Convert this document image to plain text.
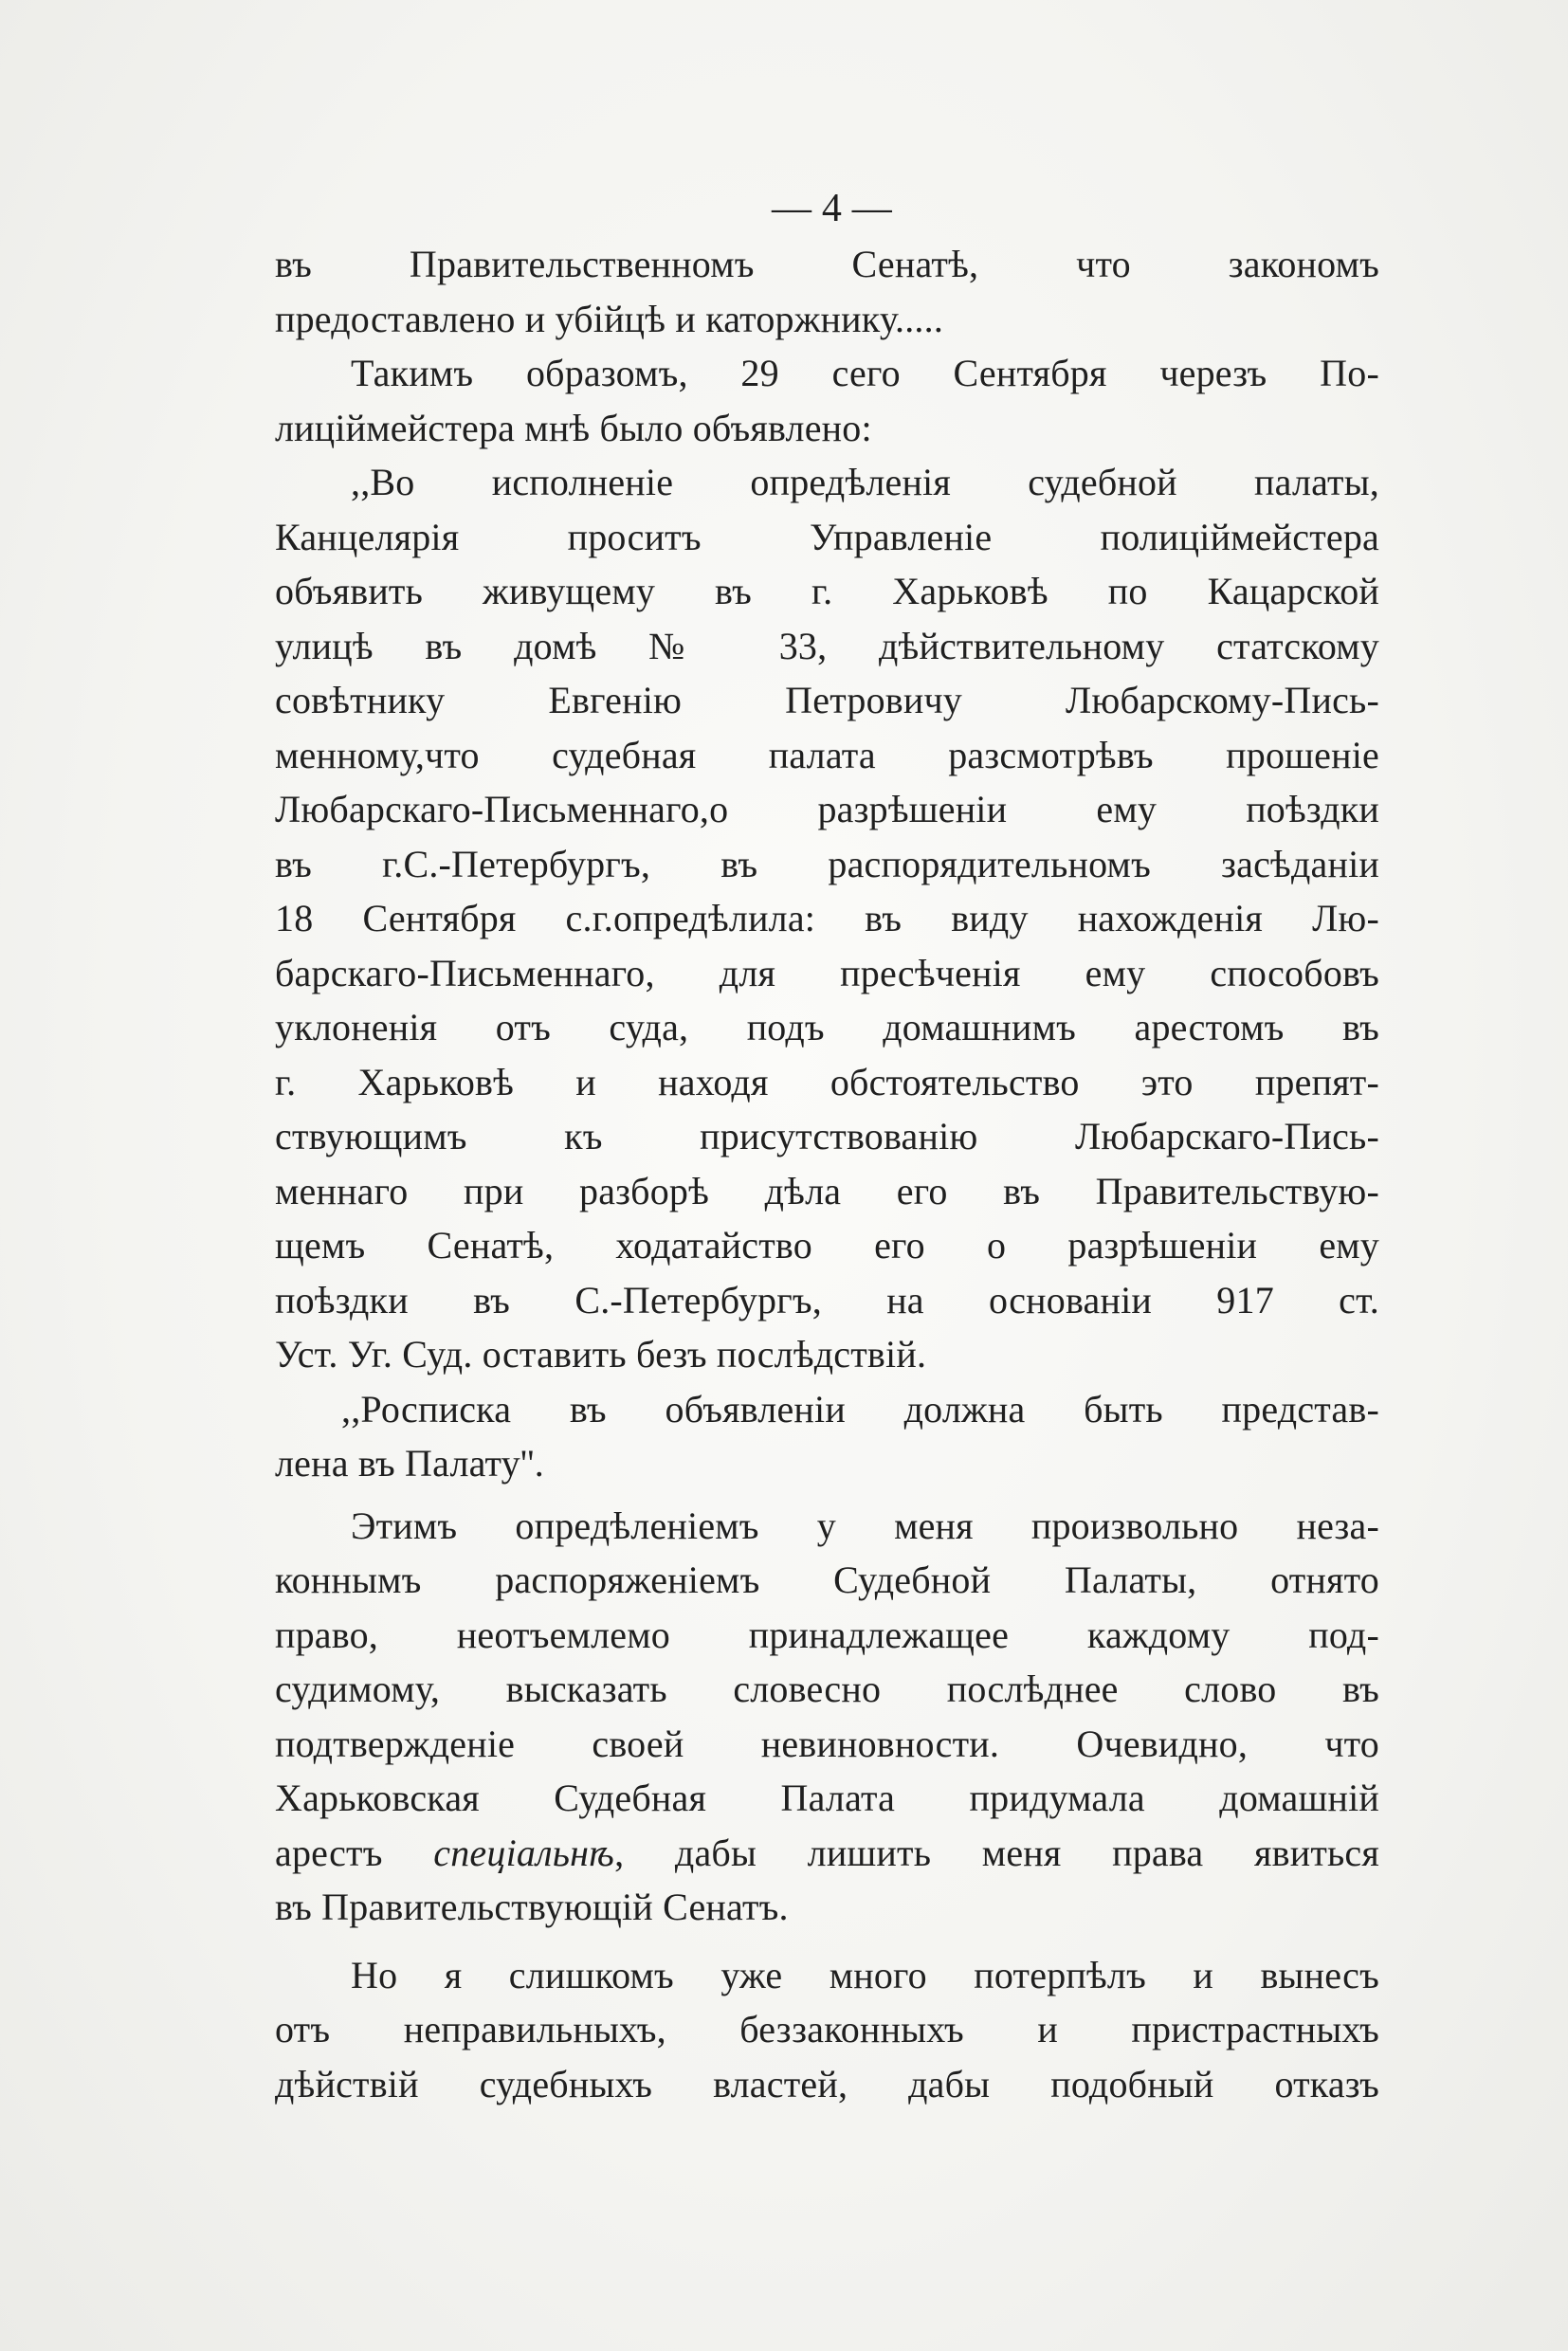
— 4 —
въ Правительственномъ Сенатѣ, что закономъ
предоставлено и убійцѣ и каторжнику.....
Такимъ образомъ, 29 сего Сентября черезъ По-
лиціймейстера мнѣ было объявлено:
,,Во исполненіе опредѣленія судебной палаты,
Канцелярія проситъ Управленіе полиціймейстера
объявить живущему въ г. Харьковѣ по Кацарской
улицѣ въ домѣ № 33, дѣйствительному статскому
совѣтнику Евгенію Петровичу Любарскому-Пись-
менному,что судебная палата разсмотрѣвъ прошеніе
Любарскаго-Письменнаго,о разрѣшеніи ему поѣздки
въ г.С.-Петербургъ, въ распорядительномъ засѣданіи
18 Сентября с.г.опредѣлила: въ виду нахожденія Лю-
барскаго-Письменнаго, для пресѣченія ему способовъ
уклоненія отъ суда, подъ домашнимъ арестомъ въ
г. Харьковѣ и находя обстоятельство это препят-
ствующимъ къ присутствованію Любарскаго-Пись-
меннаго при разборѣ дѣла его въ Правительствую-
щемъ Сенатѣ, ходатайство его о разрѣшеніи ему
поѣздки въ С.-Петербургъ, на основаніи 917 ст.
Уст. Уг. Суд. оставить безъ послѣдствій.
,,Росписка въ объявленіи должна быть представ-
лена въ Палату''.
Этимъ опредѣленіемъ у меня произвольно неза-
коннымъ распоряженіемъ Судебной Палаты, отнято
право, неотъемлемо принадлежащее каждому под-
судимому, высказать словесно послѣднее слово въ
подтвержденіе своей невиновности. Очевидно, что
Харьковская Судебная Палата придумала домашній
арестъ спеціальнѣ, дабы лишить меня права явиться
въ Правительствующій Сенатъ.
Но я слишкомъ уже много потерпѣлъ и вынесъ
отъ неправильныхъ, беззаконныхъ и пристрастныхъ
дѣйствій судебныхъ властей, дабы подобный отказъ
